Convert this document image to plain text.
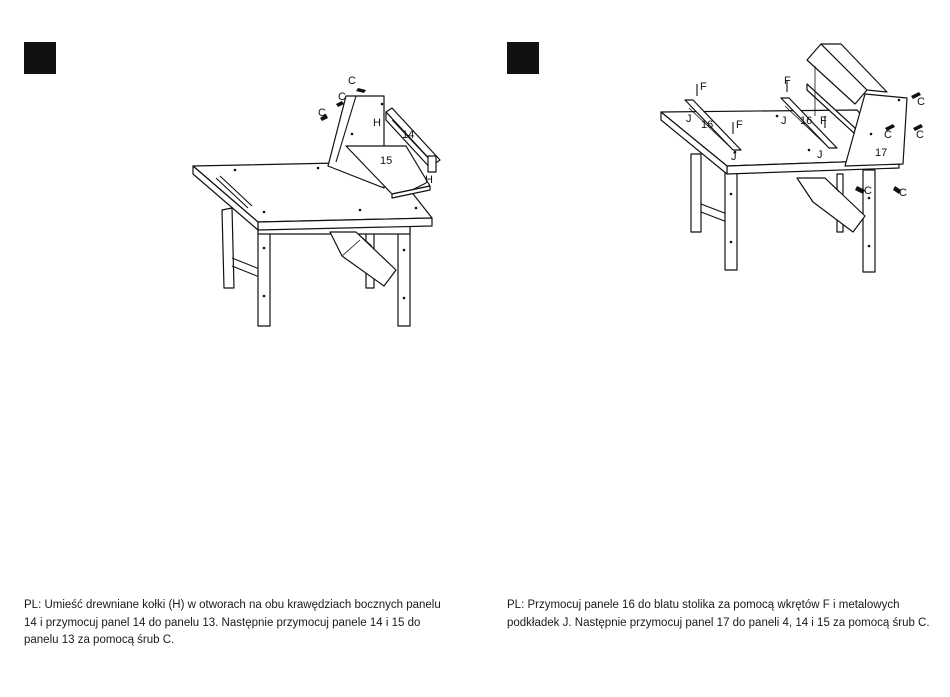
C
C
C
H
14
15
H
F
F
F
F
J
J
J
J
16	16
17
C
C C
C C
PL: Umieść drewniane kołki (H) w otworach na obu krawędziach bocznych panelu 14 i przymocuj panel 14 do panelu 13. Następnie przymocuj panele 14 i 15 do panelu 13 za pomocą śrub C.
PL: Przymocuj panele 16 do blatu stolika za pomocą wkrętów F i metalowych podkładek J. Następnie przymocuj panel 17 do paneli 4, 14 i 15 za pomocą śrub C.
